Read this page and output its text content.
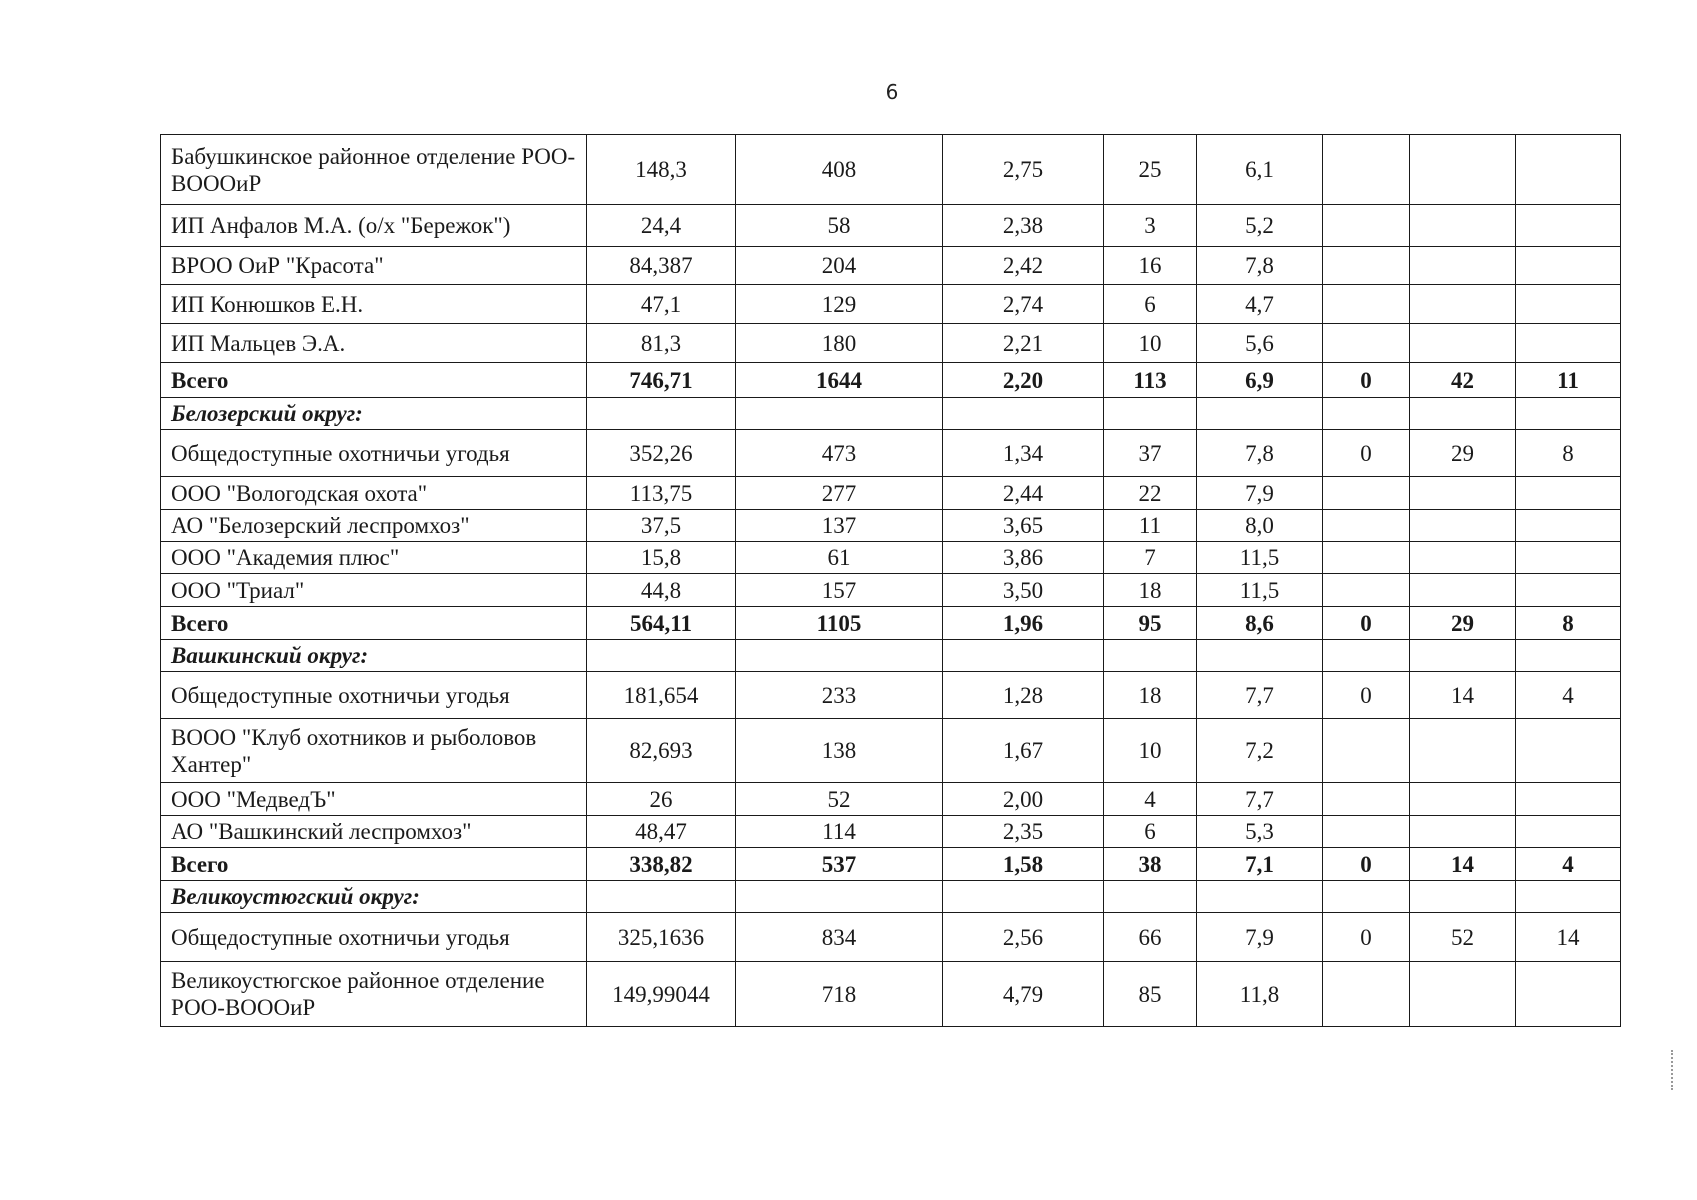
6
Бабушкинское районное отделение РОО-ВОООиР	148,3	408	2,75	25	6,1			
ИП Анфалов М.А. (о/х "Бережок")	24,4	58	2,38	3	5,2			
ВРОО ОиР "Красота"	84,387	204	2,42	16	7,8			
ИП Конюшков Е.Н.	47,1	129	2,74	6	4,7			
ИП Мальцев Э.А.	81,3	180	2,21	10	5,6			
Всего	746,71	1644	2,20	113	6,9	0	42	11
Белозерский округ:								
Общедоступные охотничьи угодья	352,26	473	1,34	37	7,8	0	29	8
ООО "Вологодская охота"	113,75	277	2,44	22	7,9			
АО "Белозерский леспромхоз"	37,5	137	3,65	11	8,0			
ООО "Академия плюс"	15,8	61	3,86	7	11,5			
ООО "Триал"	44,8	157	3,50	18	11,5			
Всего	564,11	1105	1,96	95	8,6	0	29	8
Вашкинский округ:								
Общедоступные охотничьи угодья	181,654	233	1,28	18	7,7	0	14	4
ВООО "Клуб охотников и рыболовов Хантер"	82,693	138	1,67	10	7,2			
ООО "МедведЪ"	26	52	2,00	4	7,7			
АО "Вашкинский леспромхоз"	48,47	114	2,35	6	5,3			
Всего	338,82	537	1,58	38	7,1	0	14	4
Великоустюгский округ:								
Общедоступные охотничьи угодья	325,1636	834	2,56	66	7,9	0	52	14
Великоустюгское районное отделение РОО-ВОООиР	149,99044	718	4,79	85	11,8			
